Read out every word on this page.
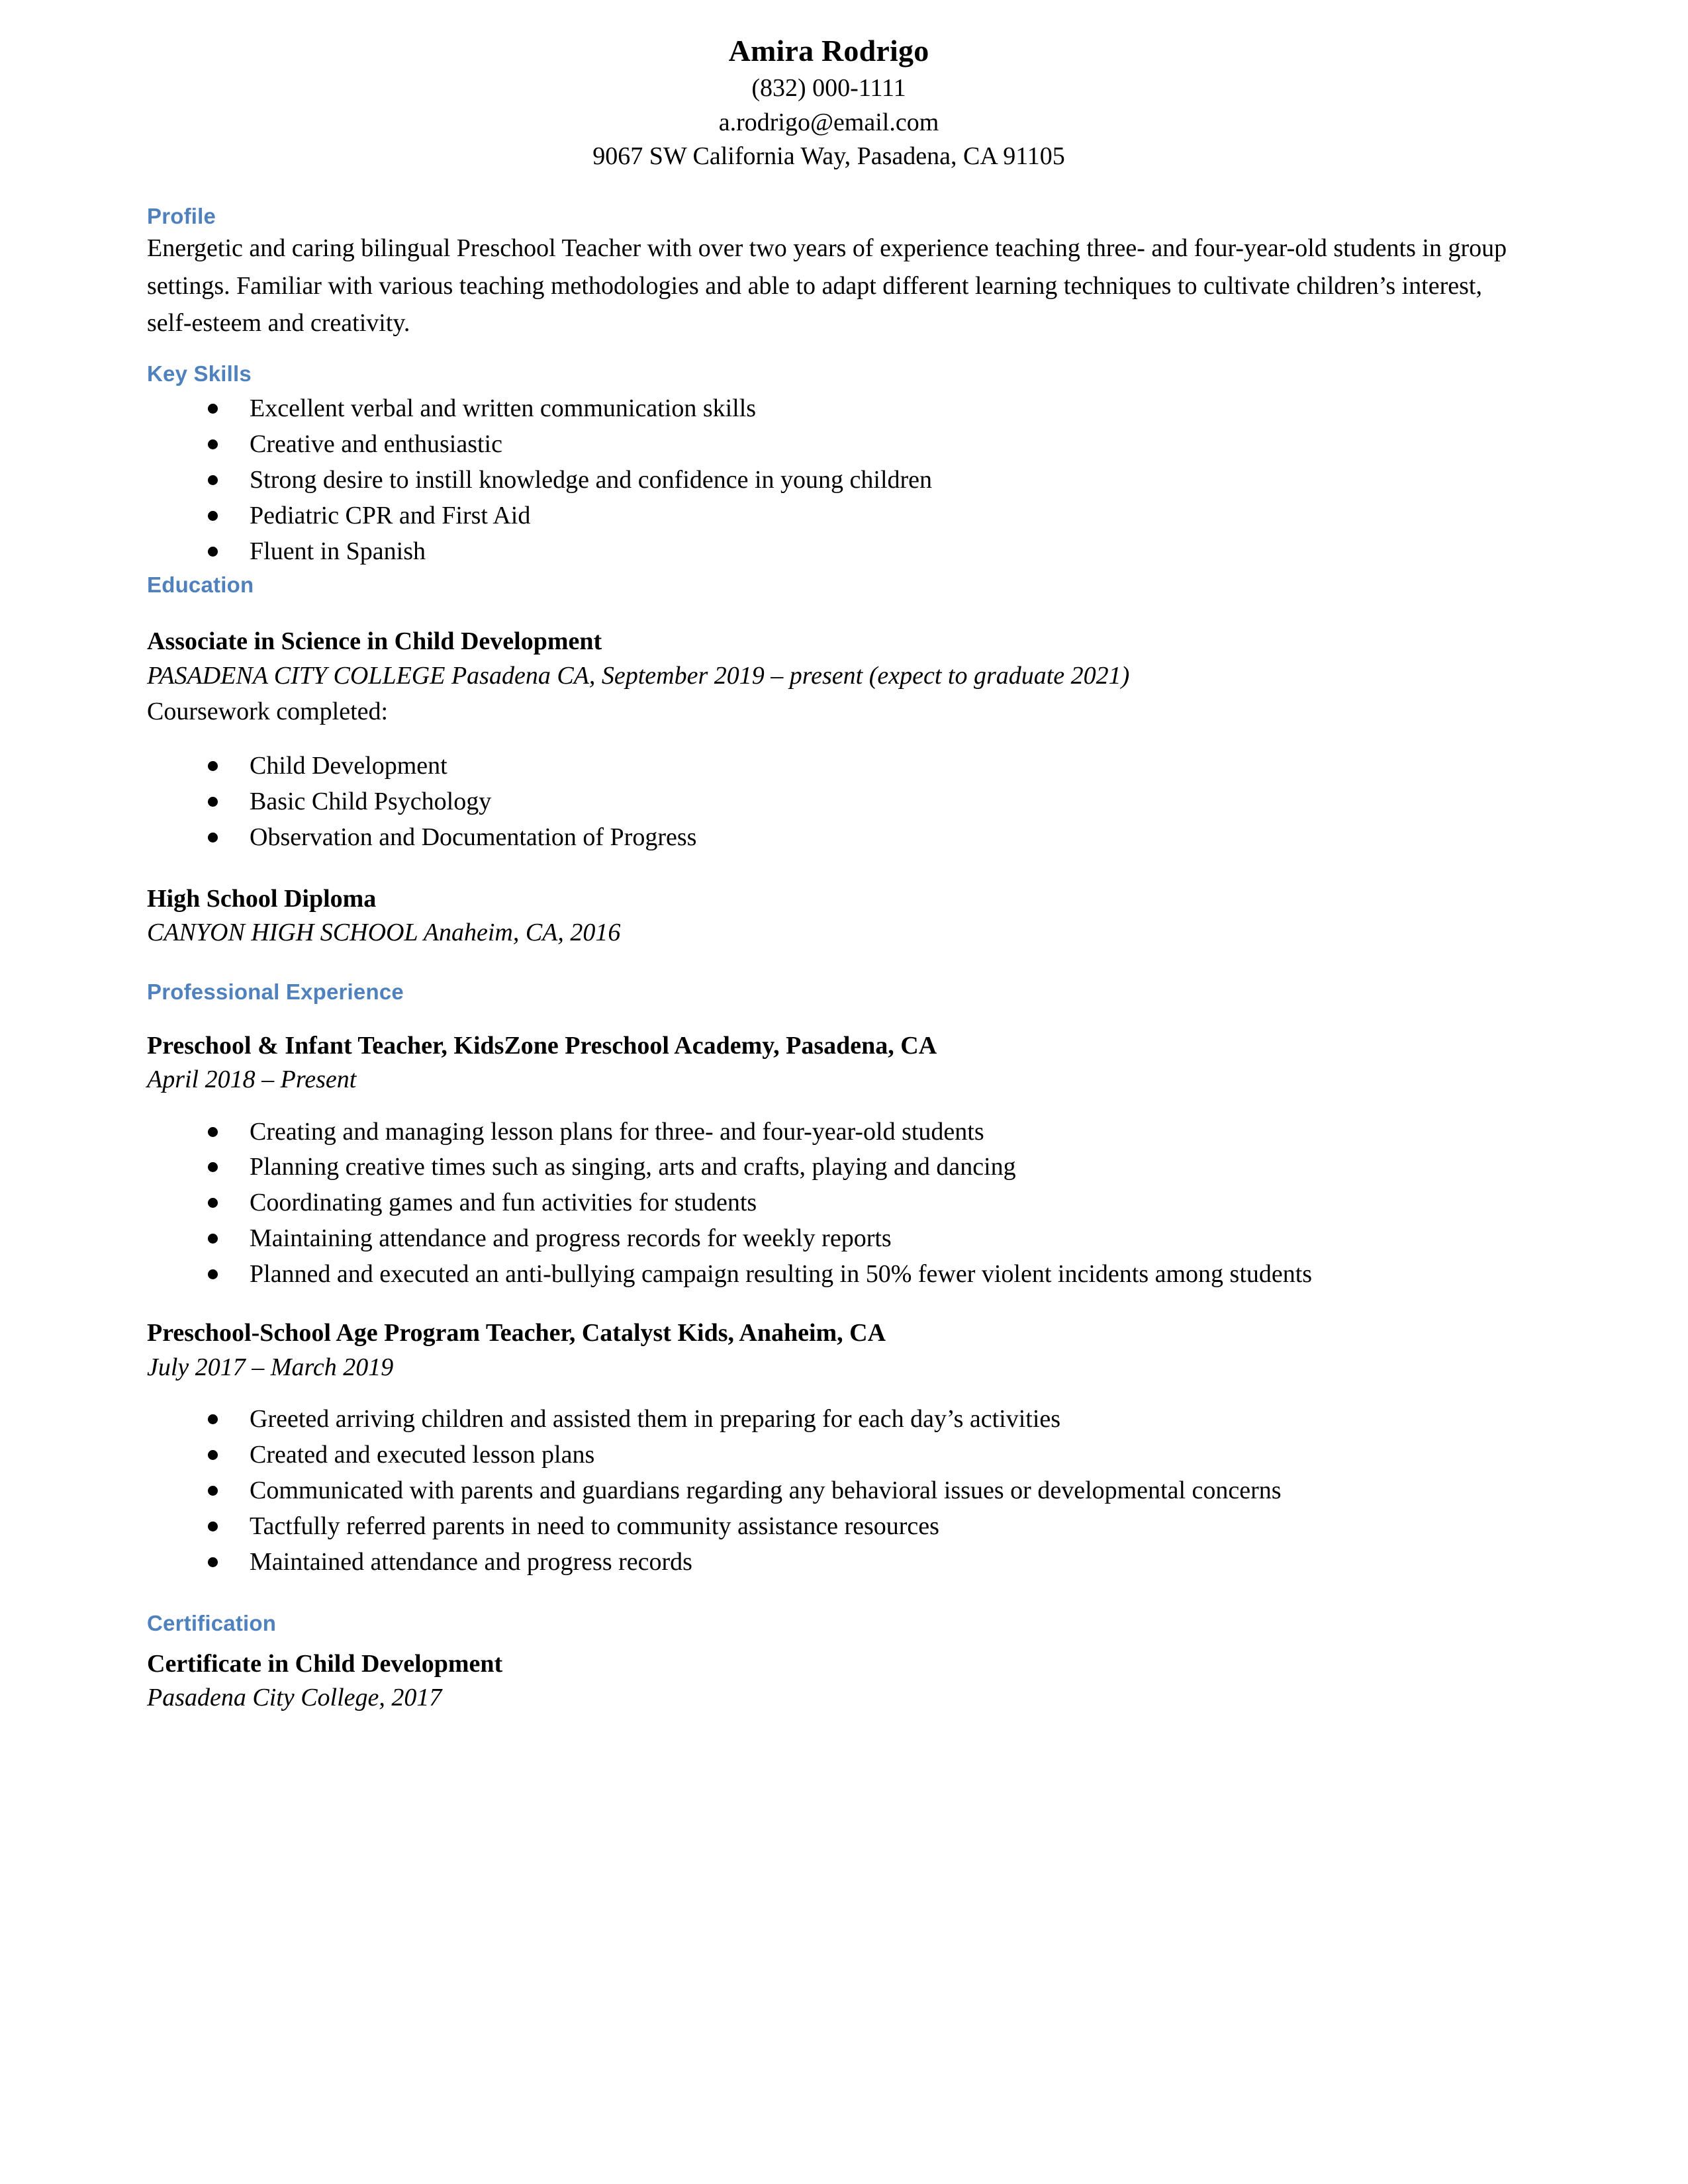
Amira Rodrigo
(832) 000-1111
a.rodrigo@email.com
9067 SW California Way, Pasadena, CA 91105
Profile

Energetic and caring bilingual Preschool Teacher with over two years of experience teaching three- and four-year-old students in group settings. Familiar with various teaching methodologies and able to adapt different learning techniques to cultivate children’s interest, self-esteem and creativity.

Key Skills
Excellent verbal and written communication skills
Creative and enthusiastic
Strong desire to instill knowledge and confidence in young children
Pediatric CPR and First Aid
Fluent in Spanish
Education
Associate in Science in Child Development
PASADENA CITY COLLEGE Pasadena CA, September 2019 – present (expect to graduate 2021)

Coursework completed:

Child Development
Basic Child Psychology
Observation and Documentation of Progress
High School Diploma
CANYON HIGH SCHOOL Anaheim, CA, 2016
Professional Experience
Preschool & Infant Teacher, KidsZone Preschool Academy, Pasadena, CA
April 2018 – Present
Creating and managing lesson plans for three- and four-year-old students
Planning creative times such as singing, arts and crafts, playing and dancing
Coordinating games and fun activities for students
Maintaining attendance and progress records for weekly reports
Planned and executed an anti-bullying campaign resulting in 50% fewer violent incidents among students
Preschool-School Age Program Teacher, Catalyst Kids, Anaheim, CA
July 2017 – March 2019
Greeted arriving children and assisted them in preparing for each day’s activities
Created and executed lesson plans
Communicated with parents and guardians regarding any behavioral issues or developmental concerns
Tactfully referred parents in need to community assistance resources
Maintained attendance and progress records
Certification
Certificate in Child Development
Pasadena City College, 2017
